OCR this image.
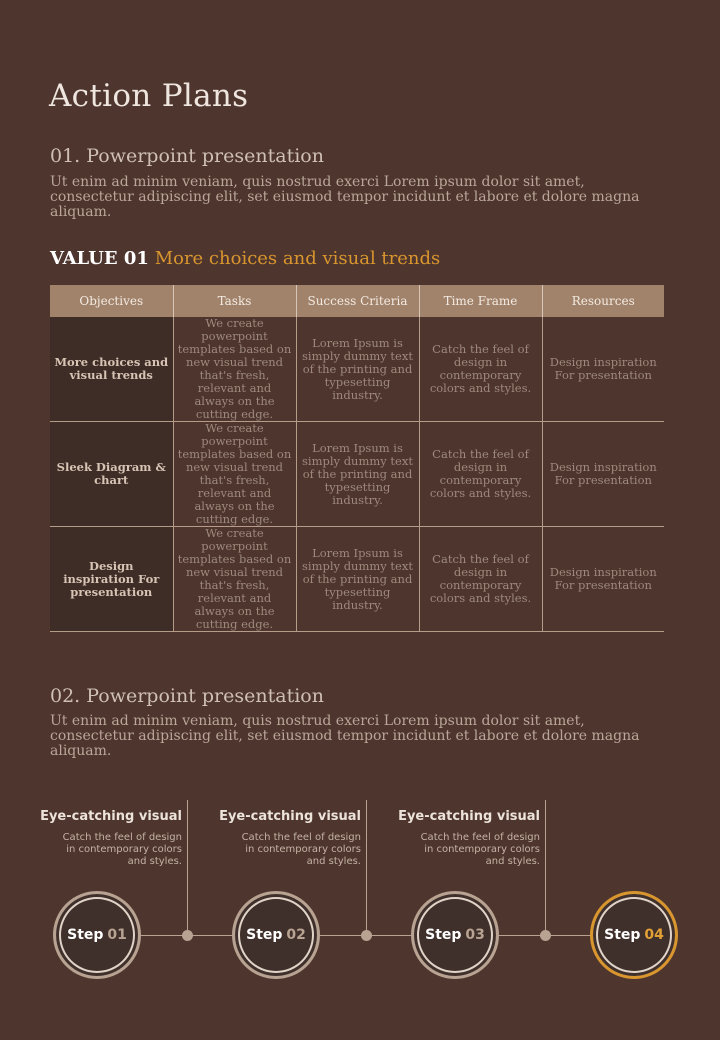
Action Plans
01. Powerpoint presentation
Ut enim ad minim veniam, quis nostrud exerci Lorem ipsum dolor sit amet, consectetur adipiscing elit, set eiusmod tempor incidunt et labore et dolore magna aliquam.
VALUE 01 More choices and visual trends
Objectives	Tasks	Success Criteria	Time Frame	Resources
More choices and visual trends	We create powerpoint templates based on new visual trend that's fresh, relevant and always on the cutting edge.	Lorem Ipsum is simply dummy text of the printing and typesetting industry.	Catch the feel of design in contemporary colors and styles.	Design inspiration For presentation
Sleek Diagram & chart	We create powerpoint templates based on new visual trend that's fresh, relevant and always on the cutting edge.	Lorem Ipsum is simply dummy text of the printing and typesetting industry.	Catch the feel of design in contemporary colors and styles.	Design inspiration For presentation
Design inspiration For presentation	We create powerpoint templates based on new visual trend that's fresh, relevant and always on the cutting edge.	Lorem Ipsum is simply dummy text of the printing and typesetting industry.	Catch the feel of design in contemporary colors and styles.	Design inspiration For presentation
02. Powerpoint presentation
Ut enim ad minim veniam, quis nostrud exerci Lorem ipsum dolor sit amet, consectetur adipiscing elit, set eiusmod tempor incidunt et labore et dolore magna aliquam.
Eye-catching visual
Catch the feel of design in contemporary colors and styles.
Eye-catching visual
Catch the feel of design in contemporary colors and styles.
Eye-catching visual
Catch the feel of design in contemporary colors and styles.
Step 01	Step 02	Step 03	Step 04
